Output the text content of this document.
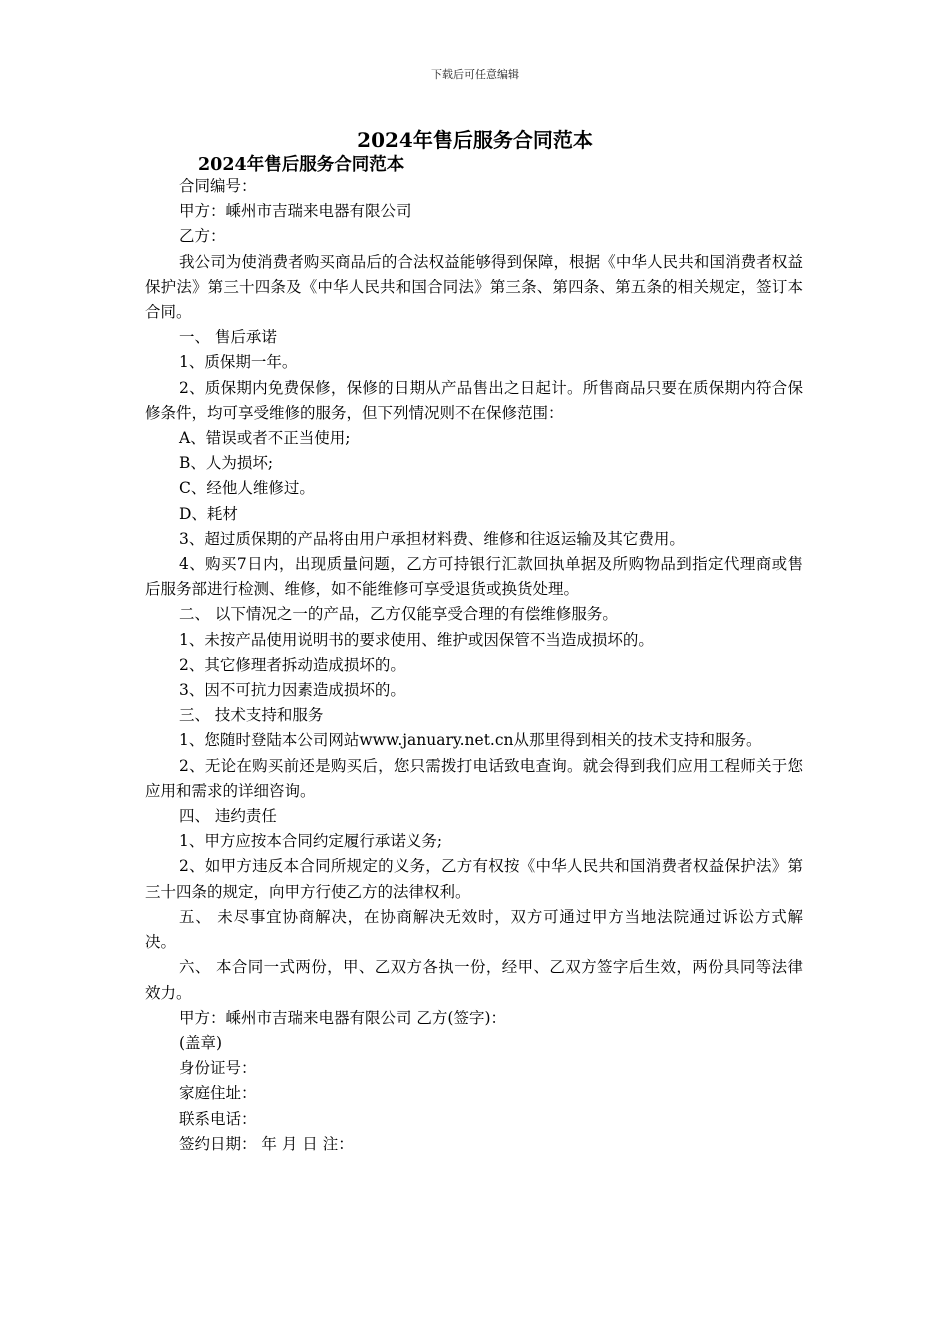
下载后可任意编辑
2024年售后服务合同范本
2024年售后服务合同范本

合同编号：

甲方：嵊州市吉瑞来电器有限公司

乙方：

我公司为使消费者购买商品后的合法权益能够得到保障，根据《中华人民共和国消费者权益保护法》第三十四条及《中华人民共和国合同法》第三条、第四条、第五条的相关规定，签订本合同。

一、 售后承诺

1、质保期一年。

2、质保期内免费保修，保修的日期从产品售出之日起计。所售商品只要在质保期内符合保修条件，均可享受维修的服务，但下列情况则不在保修范围：

A、错误或者不正当使用;

B、人为损坏;

C、经他人维修过。

D、耗材

3、超过质保期的产品将由用户承担材料费、维修和往返运输及其它费用。

4、购买7日内，出现质量问题，乙方可持银行汇款回执单据及所购物品到指定代理商或售后服务部进行检测、维修，如不能维修可享受退货或换货处理。

二、 以下情况之一的产品，乙方仅能享受合理的有偿维修服务。

1、未按产品使用说明书的要求使用、维护或因保管不当造成损坏的。

2、其它修理者拆动造成损坏的。

3、因不可抗力因素造成损坏的。

三、 技术支持和服务

1、您随时登陆本公司网站www.january.net.cn从那里得到相关的技术支持和服务。

2、无论在购买前还是购买后，您只需拨打电话致电查询。就会得到我们应用工程师关于您应用和需求的详细咨询。

四、 违约责任

1、甲方应按本合同约定履行承诺义务;

2、如甲方违反本合同所规定的义务，乙方有权按《中华人民共和国消费者权益保护法》第三十四条的规定，向甲方行使乙方的法律权利。

五、 未尽事宜协商解决，在协商解决无效时，双方可通过甲方当地法院通过诉讼方式解决。

六、 本合同一式两份，甲、乙双方各执一份，经甲、乙双方签字后生效，两份具同等法律效力。

甲方：嵊州市吉瑞来电器有限公司 乙方(签字)：

(盖章)

身份证号：

家庭住址：

联系电话：

签约日期： 年 月 日 注：
